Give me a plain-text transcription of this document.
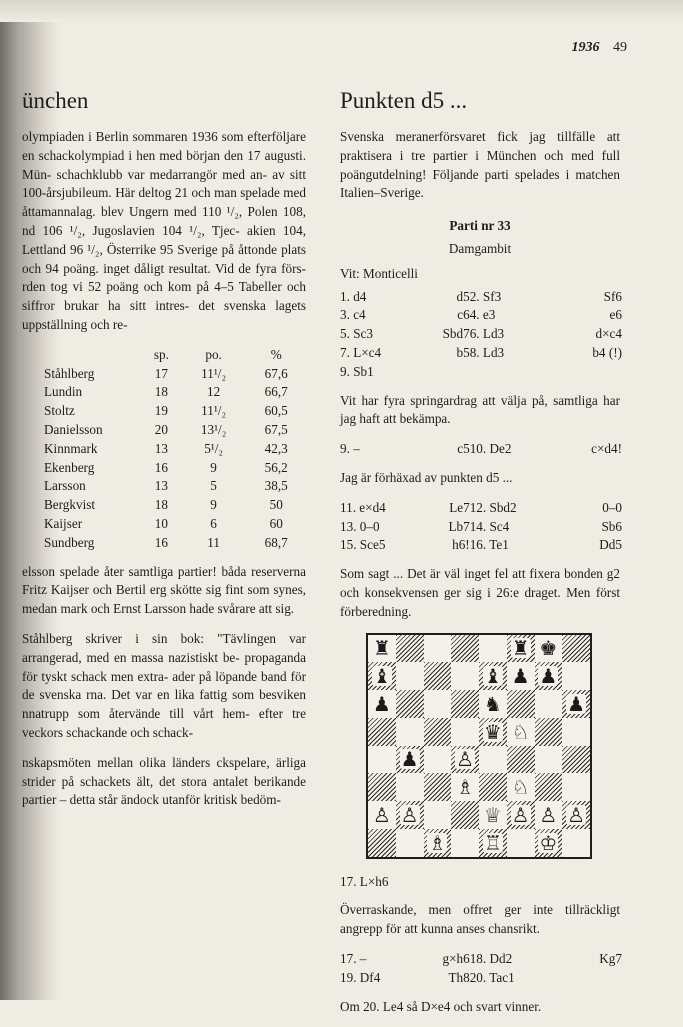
1936 49
ünchen

olympiaden i Berlin sommaren 1936 som efterföljare en schackolympiad i hen med början den 17 augusti. Mün- schachklubb var medarrangör med an- av sitt 100-årsjubileum. Här deltog 21 och man spelade med åttamannalag. blev Ungern med 110 ¹/₂, Polen 108, nd 106 ¹/₂, Jugoslavien 104 ¹/₂, Tjec- akien 104, Lettland 96 ¹/₂, Österrike 95 Sverige på åttonde plats och 94 poäng. inget dåligt resultat. Vid de fyra förs- rden tog vi 52 poäng och kom på 4–5 Tabeller och siffror brukar ha sitt intres- det svenska lagets uppställning och re-

	sp.	po.	%
Ståhlberg	17	11¹/₂	67,6
Lundin	18	12	66,7
Stoltz	19	11¹/₂	60,5
Danielsson	20	13¹/₂	67,5
Kinnmark	13	5¹/₂	42,3
Ekenberg	16	9	56,2
Larsson	13	5	38,5
Bergkvist	18	9	50
Kaijser	10	6	60
Sundberg	16	11	68,7

elsson spelade åter samtliga partier! båda reserverna Fritz Kaijser och Bertil erg skötte sig fint som synes, medan mark och Ernst Larsson hade svårare att sig.

Ståhlberg skriver i sin bok: "Tävlingen var arrangerad, med en massa nazistiskt be- propaganda för tyskt schack men extra- ader på löpande band för de svenska rna. Det var en lika fattig som besviken nnatrupp som återvände till vårt hem- efter tre veckors schackande och schack-

nskapsmöten mellan olika länders ckspelare, ärliga strider på schackets ält, det stora antalet berikande partier – detta står ändock utanför kritisk bedöm-

Punkten d5 ...

Svenska meranerförsvaret fick jag tillfälle att praktisera i tre partier i München och med full poängutdelning! Följande parti spelades i matchen Italien–Sverige.

Parti nr 33
Damgambit
Vit: Monticelli
1. d4	d5	2. Sf3	Sf6
3. c4	c6	4. e3	e6
5. Sc3	Sbd7	6. Ld3	d×c4
7. L×c4	b5	8. Ld3	b4 (!)
9. Sb1			

Vit har fyra springardrag att välja på, samtliga har jag haft att bekämpa.

9. –	c5	10. De2	c×d4!

Jag är förhäxad av punkten d5 ...

11. e×d4	Le7	12. Sbd2	0–0
13. 0–0	Lb7	14. Sc4	Sb6
15. Sce5	h6!	16. Te1	Dd5

Som sagt ... Det är väl inget fel att fixera bonden g2 och konsekvensen ger sig i 26:e draget. Men först förberedning.

♜	♜ ♚
♝	♝ ♟ ♟
♟	♞	♟
♛ ♘
♟ ♙
♗ ♘
♙ ♙	♕ ♙ ♙ ♙
♗ ♖ ♔
17. L×h6

Överraskande, men offret ger inte tillräckligt angrepp för att kunna anses chansrikt.

17. –	g×h6	18. Dd2	Kg7
19. Df4	Th8	20. Tac1	

Om 20. Le4 så D×e4 och svart vinner.
